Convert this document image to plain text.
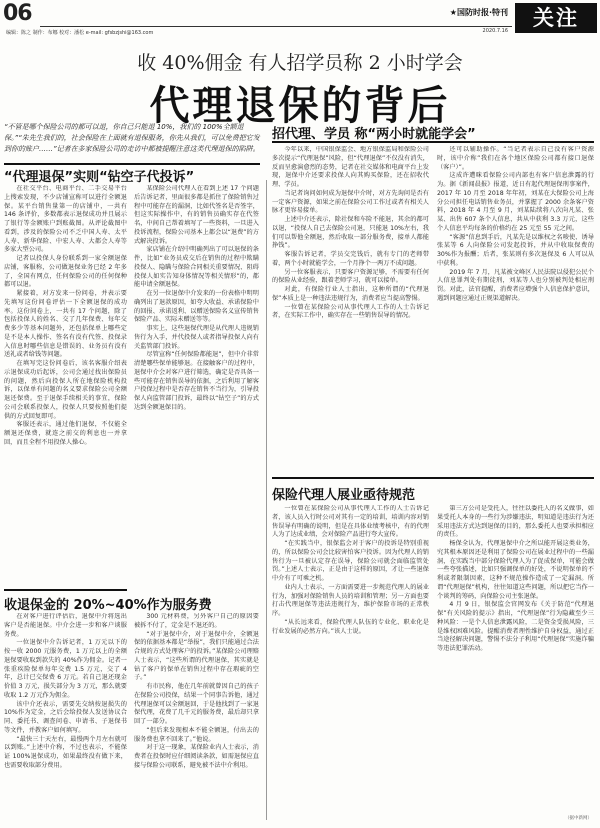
06
编辑：陈之 制作：布娜 校对：潘松 e-mail: gfsbzjshi@163.com
★国防时报·特刊
2020.7.16
关注
收 40%佣金 有人招学员称 2 小时学会
代理退保的背后
“不管是哪个保险公司的都可以退，你自己只能退 10%，我们的 100%全额退保。”“朱先生我们的，社会保险在上面就有退保服务，你先从我们，可以免费把它发到你的账户……”记者在多家保险公司的走访中都被提醒注意这类代理退保的陷阱。
“代理退保”实则“钻空子代投诉”

在社交平台、电商平台、二手交易平台上搜索发现，不少店铺宣称可以进行全额退保。某平台销售量第一的店铺中，一共有 146 条评价，多数都表示退保成功并且展示了银行等金额账户到账截图。从评论截图中看到，涉及的保险公司不乏中国人寿、太平人寿、新华保险、中宏人寿、大都会人寿等多家大型公司。

记者以投保人身份联系到一家全额退保店铺，客服称，公司做退保业务已经 2 年多了，全国有网点，任何保险公司的任何保种都可以退。

紧接着，对方发来一份问卷，并表示要先填写这份问卷评估一下全额退保的成功率。这份问卷上，一共有 17 个问题，除了包括投保人的姓名、交了几年保费、每年交费多少等基本问题外，还包括保单上哪些定是不是本人操作、签名有没有代签、投保录入信息时哪些信息是错误的、业务员有没有送礼或者给钱等问题。

在填写完这份问卷后，该名客服介绍表示退保成功后起诉，公司会通过找出保险员的问题，然后向投保人所在地保险机构投诉，以保单有问题的名义要求保险公司全额退还保费。至于退保手续相关的事宜，保险公司会联系投保人，投保人只要按照他们提供的方式回复即可。

客服还表示，通过他们退保，不仅能全额退还保费，就连之前交的利息也一并拿回，而且全程不用投保人操心。

某保险公司代理人在看到上述 17 个问题后告诉记者，里面很多都是抓住了保险销售过程中可能存在的漏洞，比如代签名是否签字，但这实际操作中，有的销售员确实存在代签名，中间自己帮着填写了一些资料，一旦进入投诉流程，保险公司基本上都会以“退费”的方式解决投诉。

家店铺在介绍中明确列出了可以退保的条件，比如“业务员成交后在销售的过程中欺瞒投保人、隐瞒与保险合同相关重要情况、阻碍投保人如实告知身体情况等相关情形”的，都能申请全额退保。

在另一位退保中介发来的一份表格中明明确列出了退款原因，如夸大收益、承诺保险中的回报、承诺返利、以赠送保险名义宣传销售保险产品、实际未赠送等等。

事实上，这些退保代理是从代理人违规销售行为入手，并代投保人或者指导投保人向有关监管部门投诉。

尽管宣称“任何保险都能退”，但中介非常清楚哪些保单能够退。在接触客户的过程中，退保中介会对客户进行筛选，确定是否具备一些可能存在销售误导的依据，之后利用了解客户投保过程中是否存在销售不当行为，引导投保人向监管部门投诉，最终以“钻空子”的方式达到全额退保目的。

收退保金的 20%~40%作为服务费

在对客户进行评估后，退保中介将选出客户是否能退保。中介会进一步和客户谈服务费。

一位退保中介告诉记者，1 万元以下的按一收 2000 元服务费，1 万元以上的全额退保要收取到款失的 40%作为佣金。记者一张重疾险保单每年交费 1.5 万元，交了 4 年，总计已交保费 6 万元。若自己退还现金价值 3 万元，损失部分为 3 万元，那么就要收取 1.2 万元作为佣金。

该中介还表示，需要先交纳按退损失的 10%作为定金，之后会给投保人发送协议合同、委托书、调查问卷、申请书、子退保书等文件，并教客户如何填写。

“最快三十天左右，最慢两个月左右就可以到账。”上述中介称，不过也表示，不能保证 100%退保成功，如果最终没有做下来，也需要收取部分费用。

300 元材料费，另外客户自己的原因要被拆不付了，定金是不退还的。

“对于退保中介，对于退保中介，全额退保的依据基本都是“举报”，我们只能通过合法合规的方式处理客户的投诉。”某保险公司理赔人士表示，“这些所谓的代理退保，其实就是钻了客户的保单在销售过程中存在瑕疵的空子。”

有市民称，他在几年前就曾因自己的孩子在保险公司投保，结果一个同事告诉他，通过代理退保可以全额退回，于是他找到了一家退保代理，花费了几千元的服务费，最后却只拿回了一部分。

“但后来发现根本不能全额退，付出去的服务费也拿不回来了。”他说。

对于这一现象，某保险业内人士表示，消费者在投保时应仔细阅读条款，如需退保应直接与保险公司联系，避免被不法中介利用。

招代理、学员 称“两小时就能学会”

今年以来，中国银保监会、地方银保监局和保险公司多次提示“代理退保”风险，但“代理退保”不仅没有消失，反而呈愈演愈烈的态势，记者在社交媒体和电商平台上发现，退保中介还要求投保人向其购买保险，还在招收代理、学员。

当记者询问如何成为退保中介时，对方先询问是否有一定客户资源，如果之前在保险公司工作过或者有相关人脉才更容易接单。

上述中介还表示，除社保和车险不能退，其余的都可以退，“投保人自己去保险公司退，只能退 10%左右，我们可以帮他全额退，然后收取一部分服务费，接单人都能挣钱”。

客服告诉记者，学员交完钱后，就有专门的老师带着，两个小时就能学会，一个月挣个一两万不成问题。

另一位客服表示，只要客户资源足够，不需要有任何的保险从业经验，跟着老师学习，就可以接单。

对此，有保险行业人士指出，这种所谓的“代理退保”本质上是一种违法违规行为，消费者应当提高警惕。

一位曾在某保险公司从事代理人工作的人士告诉记者，在实际工作中，确实存在一些销售误导的情况。

还可以辅助操作。“当记者表示自己没有客户资源时，该中介称”我们在各个地区保险公司都有接口退保（客户）”。

这成许遭咪看保险公司内部也有客户信息泄露的行为。据《新闻晨报》报道，近日有起代理退保刑事案件，2017 年 10 月至 2018 年年初，刘某在大保险公司上海分公司担任电话销售业务员，并掌握了 2000 余条客户资料，2018 年 4 月至 9 月，刘某陆续将八次向凡某、张某、出售 607 条个人信息，共从中获利 3.3 万元，这些个人信息平均每条的价格约在 25 元至 55 元之间。

“客源”信息到手后，凡某先是以维权之名唆使、诱导张某等 6 人向保险公司发起投诉，并从中收取保费的 30%作为报酬；后者，张某则有多次退保及 6 人可以从中获利。

2019 年 7 月，凡某被文峰区人民法院以侵犯公民个人信息罪判处有期徒刑，刘某等人也分别被判处相应刑罚。对此，法官提醒，消费者应增强个人信息保护意识，遇到问题应通过正规渠道解决。

保险代理人展业亟待规范

一位曾在某保险公司从事代理人工作的人士告诉记者，该人员入行时公司对其有一定的培训，培训内容对销售误导有明确的说明，但是在具体业绩考核中，有的代理人为了达成业绩，会对保险产品进行夸大宣传。

“在实践当中，银保监会对于客户的投诉是特别重视的，所以保险公司会比较害怕客户投诉。因为代理人的销售行为一旦被认定存在误导，保险公司就会面临监管处罚。”上述人士表示，正是由于这样的原因，才让一些退保中介有了可乘之机。

业内人士表示，一方面需要进一步规范代理人的展业行为，加强对保险销售人员的培训和管理；另一方面也要打击代理退保等违法违规行为，维护保险市场的正常秩序。

“从长远来看，保险代理人队伍的专业化、职业化是行业发展的必然方向。”该人士说。

第三方公司是受托人，往往以委托人的名义做事，如果受托人本身的一些行为涉嫌违法，明知道是违法行为还采用违法方式达到退保的目的，那么委托人也要承担相应的责任。

杨保全认为，代理退保中介之所以能开展这类业务，究其根本原因还是利用了保险公司在展业过程中的一些漏洞，在实践当中部分保险代理人为了促成保单，可能会做一些夸张描述，比如只强调保单的好处，不说明保单的不利或者限制因素，这种不规范操作造成了一定漏洞。所谓“代理退保”机构，往往知道这些问题，所以把它当作一个谈判的筹码，向保险公司主张退保。

4 月 9 日，银保监会官网发布《关于防范“代理退保”有关风险的提示》指出，“代理退保”行为隐藏至少三种风险：一是个人信息泄露风险，二是资金受损风险，三是维权困难风险。提醒消费者理性维护自身权益，通过正当途径解决问题，警惕不法分子利用“代理退保”实施诈骗等违法犯罪活动。

（据中新网）
